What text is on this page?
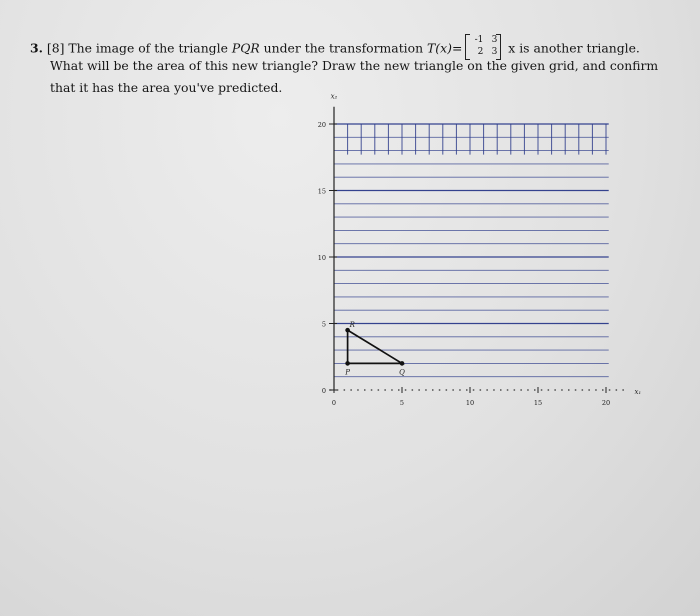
3. [8] The image of the triangle PQR under the transformation T(x)=
-1 3
2 3 x is another triangle.
What will be the area of this new triangle? Draw the new triangle on the given grid, and confirm
that it has the area you've predicted.
0
5
10
15
20
0	5	10	15	20
x₂
x₁
P	Q
R
